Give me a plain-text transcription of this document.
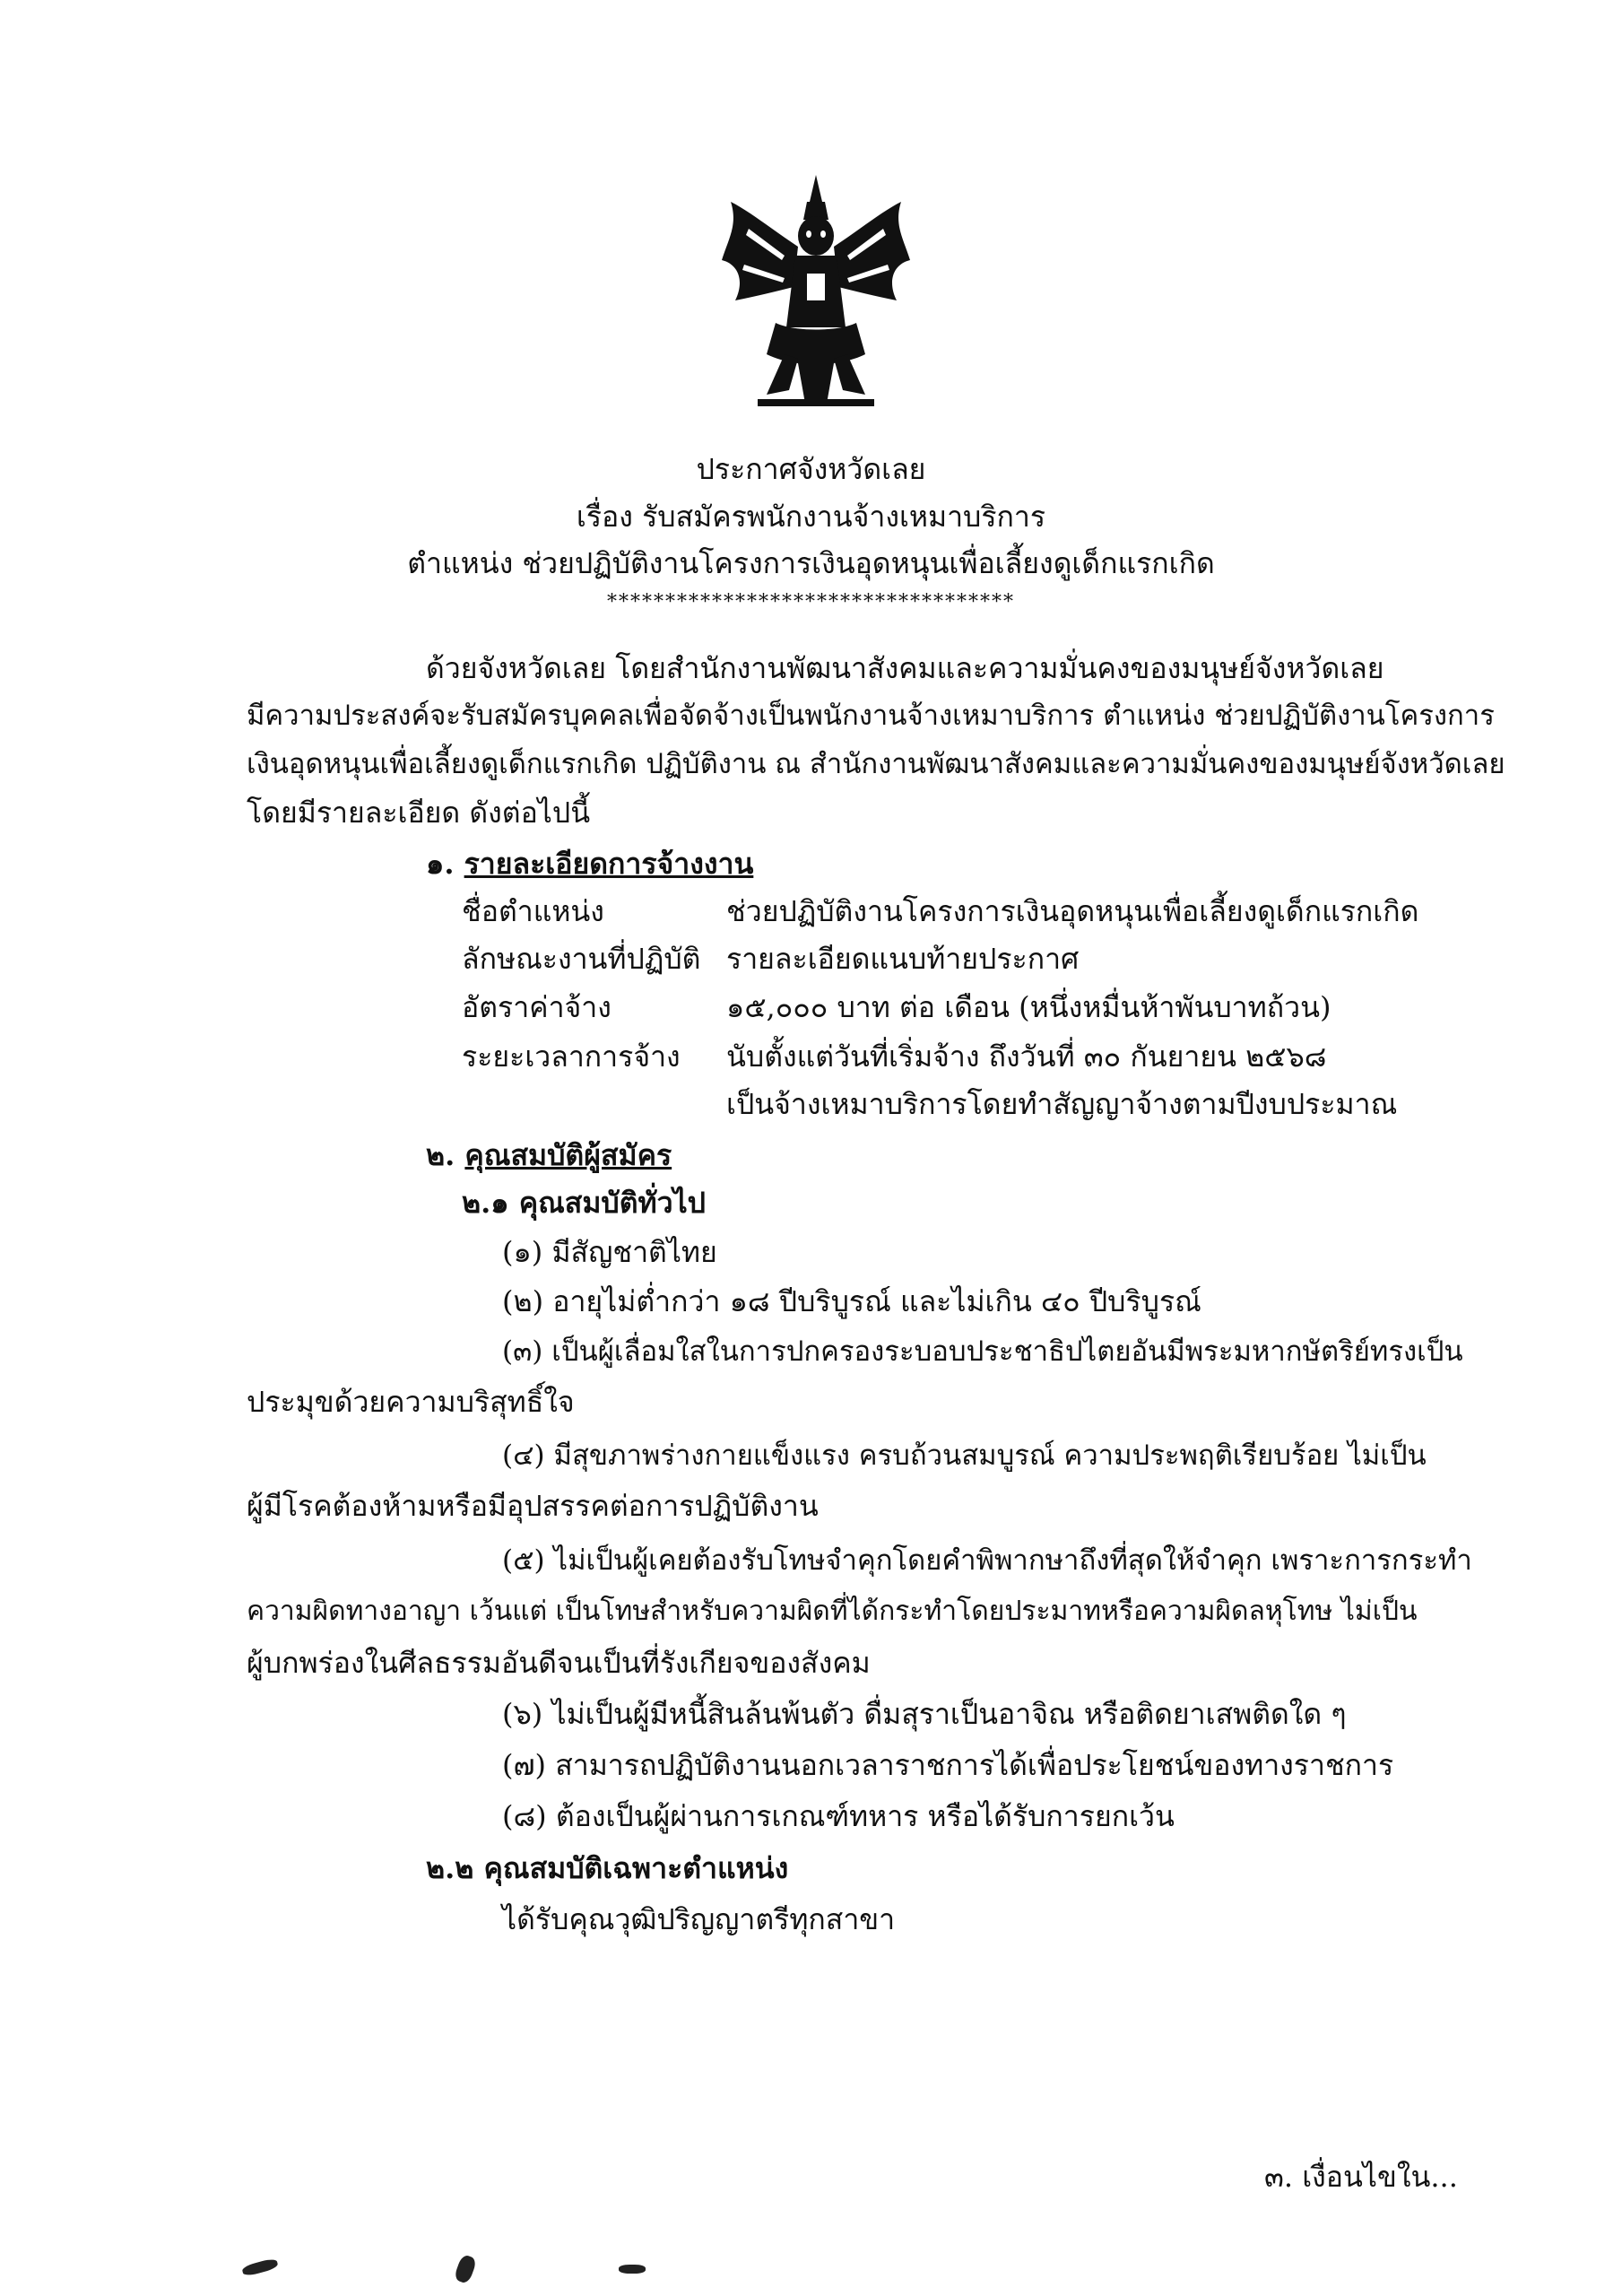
ประกาศจังหวัดเลย
เรื่อง รับสมัครพนักงานจ้างเหมาบริการ
ตำแหน่ง ช่วยปฏิบัติงานโครงการเงินอุดหนุนเพื่อเลี้ยงดูเด็กแรกเกิด
***********************************
ด้วยจังหวัดเลย โดยสำนักงานพัฒนาสังคมและความมั่นคงของมนุษย์จังหวัดเลย
มีความประสงค์จะรับสมัครบุคคลเพื่อจัดจ้างเป็นพนักงานจ้างเหมาบริการ ตำแหน่ง ช่วยปฏิบัติงานโครงการ
เงินอุดหนุนเพื่อเลี้ยงดูเด็กแรกเกิด ปฏิบัติงาน ณ สำนักงานพัฒนาสังคมและความมั่นคงของมนุษย์จังหวัดเลย
โดยมีรายละเอียด ดังต่อไปนี้
๑. รายละเอียดการจ้างงาน
ชื่อตำแหน่ง	ช่วยปฏิบัติงานโครงการเงินอุดหนุนเพื่อเลี้ยงดูเด็กแรกเกิด
ลักษณะงานที่ปฏิบัติ รายละเอียดแนบท้ายประกาศ
อัตราค่าจ้าง	๑๕,๐๐๐ บาท ต่อ เดือน (หนึ่งหมื่นห้าพันบาทถ้วน)
ระยะเวลาการจ้าง นับตั้งแต่วันที่เริ่มจ้าง ถึงวันที่ ๓๐ กันยายน ๒๕๖๘
เป็นจ้างเหมาบริการโดยทำสัญญาจ้างตามปีงบประมาณ
๒. คุณสมบัติผู้สมัคร
๒.๑ คุณสมบัติทั่วไป
(๑) มีสัญชาติไทย
(๒) อายุไม่ต่ำกว่า ๑๘ ปีบริบูรณ์ และไม่เกิน ๔๐ ปีบริบูรณ์
(๓) เป็นผู้เลื่อมใสในการปกครองระบอบประชาธิปไตยอันมีพระมหากษัตริย์ทรงเป็น
ประมุขด้วยความบริสุทธิ์ใจ
(๔) มีสุขภาพร่างกายแข็งแรง ครบถ้วนสมบูรณ์ ความประพฤติเรียบร้อย ไม่เป็น
ผู้มีโรคต้องห้ามหรือมีอุปสรรคต่อการปฏิบัติงาน
(๕) ไม่เป็นผู้เคยต้องรับโทษจำคุกโดยคำพิพากษาถึงที่สุดให้จำคุก เพราะการกระทำ
ความผิดทางอาญา เว้นแต่ เป็นโทษสำหรับความผิดที่ได้กระทำโดยประมาทหรือความผิดลหุโทษ ไม่เป็น
ผู้บกพร่องในศีลธรรมอันดีจนเป็นที่รังเกียจของสังคม
(๖) ไม่เป็นผู้มีหนี้สินล้นพ้นตัว ดื่มสุราเป็นอาจิณ หรือติดยาเสพติดใด ๆ
(๗) สามารถปฏิบัติงานนอกเวลาราชการได้เพื่อประโยชน์ของทางราชการ
(๘) ต้องเป็นผู้ผ่านการเกณฑ์ทหาร หรือได้รับการยกเว้น
๒.๒ คุณสมบัติเฉพาะตำแหน่ง
ได้รับคุณวุฒิปริญญาตรีทุกสาขา
๓. เงื่อนไขใน...
